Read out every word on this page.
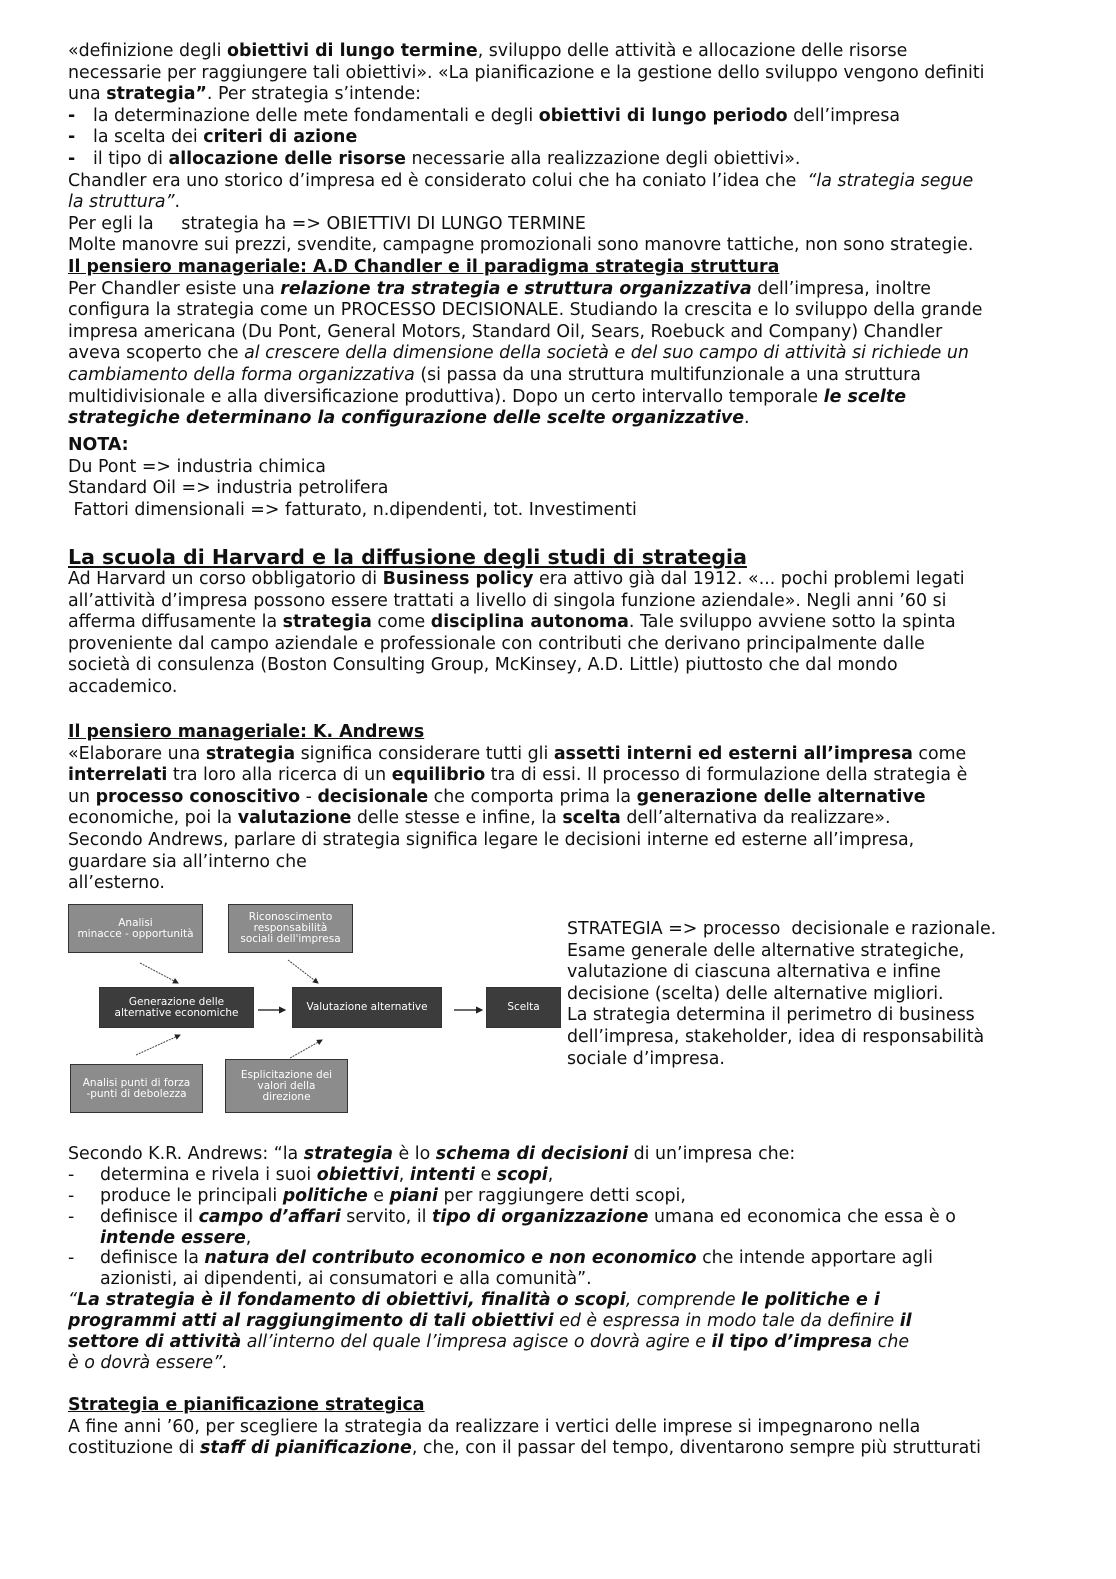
«definizione degli obiettivi di lungo termine, sviluppo delle attività e allocazione delle risorse
necessarie per raggiungere tali obiettivi». «La pianificazione e la gestione dello sviluppo vengono definiti
una strategia”. Per strategia s’intende:
- la determinazione delle mete fondamentali e degli obiettivi di lungo periodo dell’impresa
- la scelta dei criteri di azione
- il tipo di allocazione delle risorse necessarie alla realizzazione degli obiettivi».
Chandler era uno storico d’impresa ed è considerato colui che ha coniato l’idea che  “la strategia segue
la struttura”.
Per egli la     strategia ha => OBIETTIVI DI LUNGO TERMINE
Molte manovre sui prezzi, svendite, campagne promozionali sono manovre tattiche, non sono strategie.
Il pensiero manageriale: A.D Chandler e il paradigma strategia struttura
Per Chandler esiste una relazione tra strategia e struttura organizzativa dell’impresa, inoltre
configura la strategia come un PROCESSO DECISIONALE. Studiando la crescita e lo sviluppo della grande
impresa americana (Du Pont, General Motors, Standard Oil, Sears, Roebuck and Company) Chandler
aveva scoperto che al crescere della dimensione della società e del suo campo di attività si richiede un
cambiamento della forma organizzativa (si passa da una struttura multifunzionale a una struttura
multidivisionale e alla diversificazione produttiva). Dopo un certo intervallo temporale le scelte
strategiche determinano la configurazione delle scelte organizzative.
NOTA:
Du Pont => industria chimica
Standard Oil => industria petrolifera
Fattori dimensionali => fatturato, n.dipendenti, tot. Investimenti
La scuola di Harvard e la diffusione degli studi di strategia
Ad Harvard un corso obbligatorio di Business policy era attivo già dal 1912. «... pochi problemi legati
all’attività d’impresa possono essere trattati a livello di singola funzione aziendale». Negli anni ’60 si
afferma diffusamente la strategia come disciplina autonoma. Tale sviluppo avviene sotto la spinta
proveniente dal campo aziendale e professionale con contributi che derivano principalmente dalle
società di consulenza (Boston Consulting Group, McKinsey, A.D. Little) piuttosto che dal mondo
accademico.
Il pensiero manageriale: K. Andrews
«Elaborare una strategia significa considerare tutti gli assetti interni ed esterni all’impresa come
interrelati tra loro alla ricerca di un equilibrio tra di essi. Il processo di formulazione della strategia è
un processo conoscitivo - decisionale che comporta prima la generazione delle alternative
economiche, poi la valutazione delle stesse e infine, la scelta dell’alternativa da realizzare».
Secondo Andrews, parlare di strategia significa legare le decisioni interne ed esterne all’impresa,
guardare sia all’interno che
all’esterno.
Analisi
minacce - opportunità
Riconoscimento
responsabilità
sociali dell'impresa
Generazione delle
alternative economiche	Valutazione alternative	Scelta
Analisi punti di forza
-punti di debolezza
Esplicitazione dei
valori della
direzione
STRATEGIA => processo  decisionale e razionale.
Esame generale delle alternative strategiche,
valutazione di ciascuna alternativa e infine
decisione (scelta) delle alternative migliori.
La strategia determina il perimetro di business
dell’impresa, stakeholder, idea di responsabilità
sociale d’impresa.
Secondo K.R. Andrews: “la strategia è lo schema di decisioni di un’impresa che:
- determina e rivela i suoi obiettivi, intenti e scopi,
- produce le principali politiche e piani per raggiungere detti scopi,
- definisce il campo d’affari servito, il tipo di organizzazione umana ed economica che essa è o
intende essere,
- definisce la natura del contributo economico e non economico che intende apportare agli
azionisti, ai dipendenti, ai consumatori e alla comunità”.
“La strategia è il fondamento di obiettivi, finalità o scopi, comprende le politiche e i
programmi atti al raggiungimento di tali obiettivi ed è espressa in modo tale da definire il
settore di attività all’interno del quale l’impresa agisce o dovrà agire e il tipo d’impresa che
è o dovrà essere”.
Strategia e pianificazione strategica
A fine anni ’60, per scegliere la strategia da realizzare i vertici delle imprese si impegnarono nella
costituzione di staff di pianificazione, che, con il passar del tempo, diventarono sempre più strutturati
